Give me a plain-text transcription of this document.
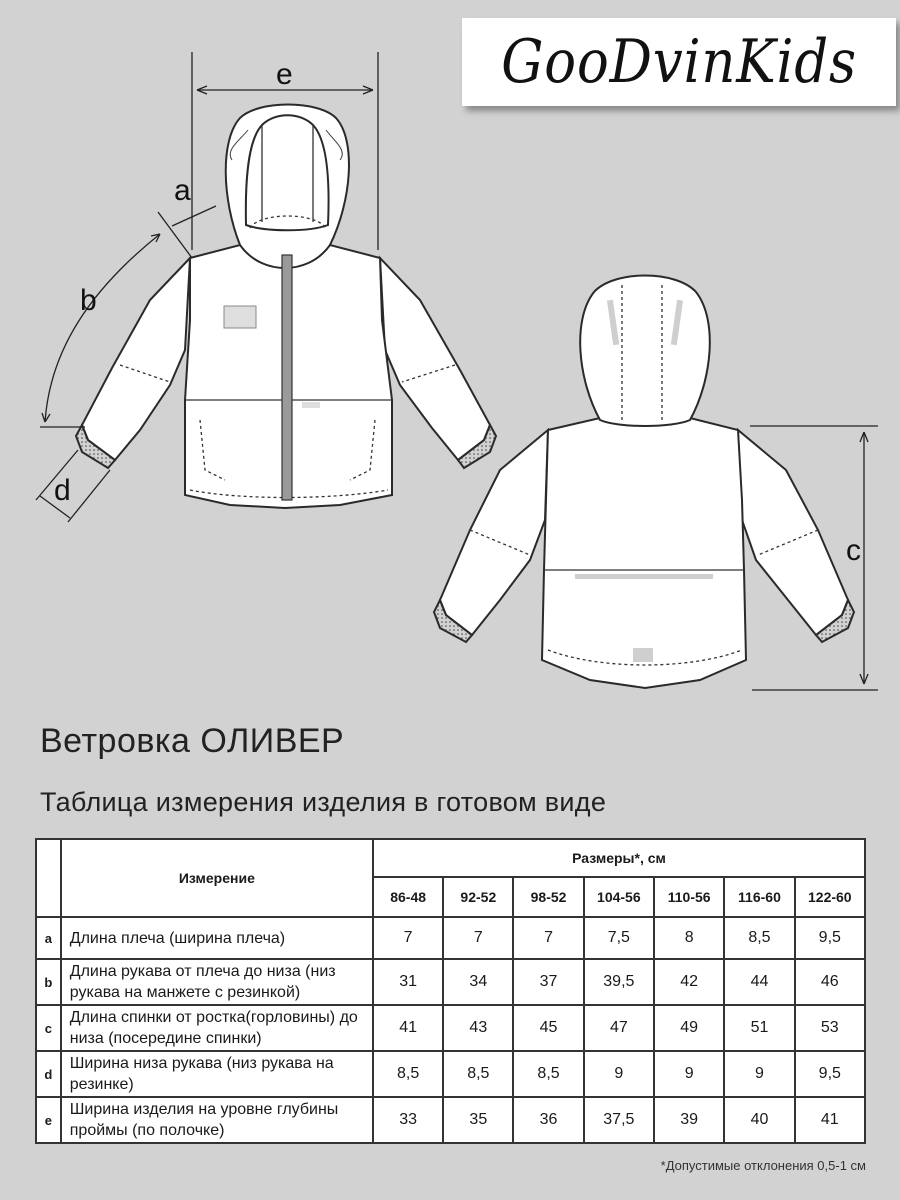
GooDvinKids
e
a
b
d
c
Ветровка ОЛИВЕР
Таблица измерения изделия в готовом виде
	Измерение	Размеры*, см						
		86-48	92-52	98-52	104-56	110-56	116-60	122-60
a	Длина плеча (ширина плеча)	7	7	7	7,5	8	8,5	9,5
b	Длина рукава от плеча до низа (низ рукава на манжете с резинкой)	31	34	37	39,5	42	44	46
c	Длина спинки от ростка(горловины) до низа (посередине спинки)	41	43	45	47	49	51	53
d	Ширина низа рукава (низ рукава на резинке)	8,5	8,5	8,5	9	9	9	9,5
e	Ширина изделия на уровне глубины проймы (по полочке)	33	35	36	37,5	39	40	41
*Допустимые отклонения 0,5-1 см
